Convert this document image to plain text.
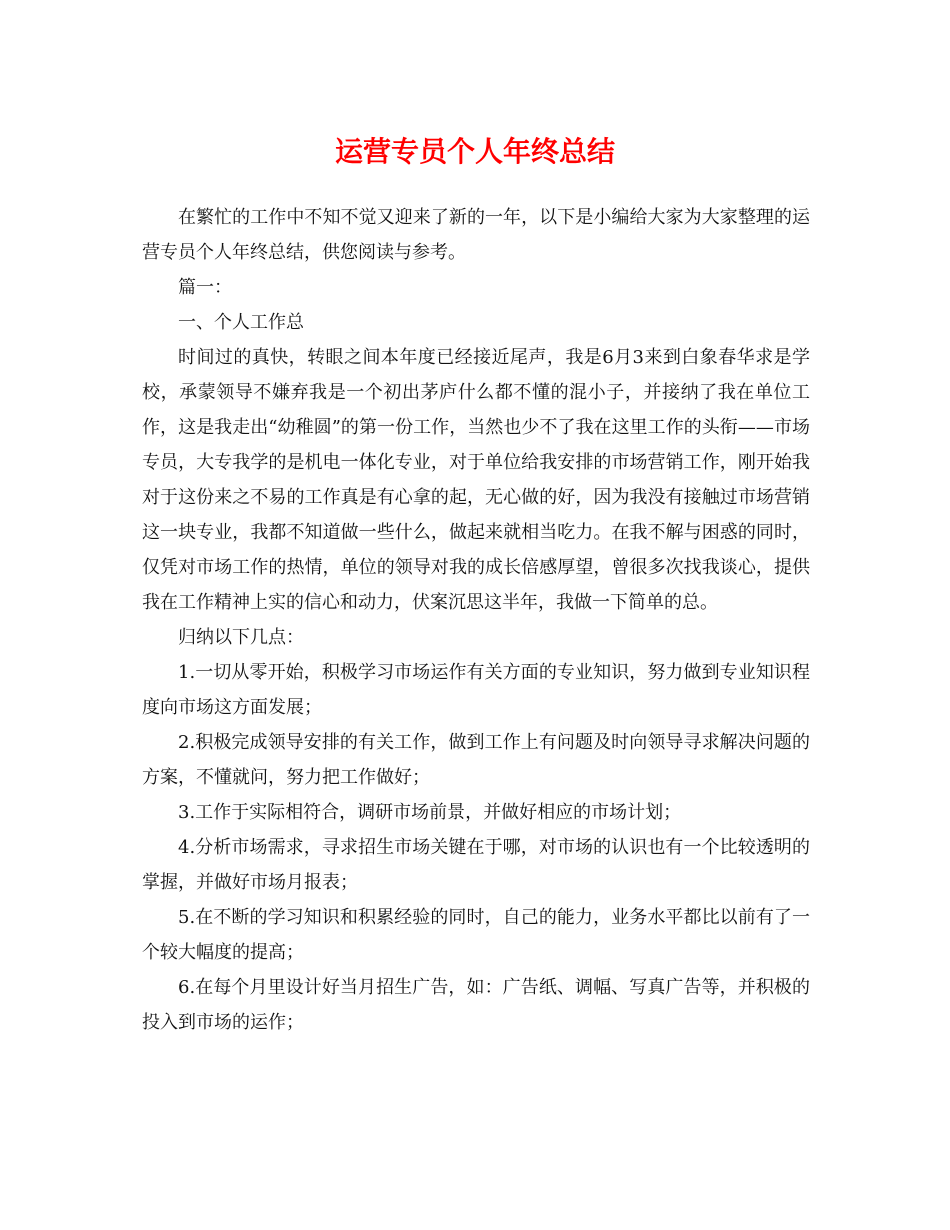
运营专员个人年终总结

在繁忙的工作中不知不觉又迎来了新的一年，以下是小编给大家为大家整理的运营专员个人年终总结，供您阅读与参考。

篇一：

一、个人工作总

时间过的真快，转眼之间本年度已经接近尾声，我是6月3来到白象春华求是学校，承蒙领导不嫌弃我是一个初出茅庐什么都不懂的混小子，并接纳了我在单位工作，这是我走出“幼稚圆”的第一份工作，当然也少不了我在这里工作的头衔——市场专员，大专我学的是机电一体化专业，对于单位给我安排的市场营销工作，刚开始我对于这份来之不易的工作真是有心拿的起，无心做的好，因为我没有接触过市场营销这一块专业，我都不知道做一些什么，做起来就相当吃力。在我不解与困惑的同时，仅凭对市场工作的热情，单位的领导对我的成长倍感厚望，曾很多次找我谈心，提供我在工作精神上实的信心和动力，伏案沉思这半年，我做一下简单的总。

归纳以下几点：

1.一切从零开始，积极学习市场运作有关方面的专业知识，努力做到专业知识程度向市场这方面发展；

2.积极完成领导安排的有关工作，做到工作上有问题及时向领导寻求解决问题的方案，不懂就问，努力把工作做好；

3.工作于实际相符合，调研市场前景，并做好相应的市场计划；

4.分析市场需求，寻求招生市场关键在于哪，对市场的认识也有一个比较透明的掌握，并做好市场月报表；

5.在不断的学习知识和积累经验的同时，自己的能力，业务水平都比以前有了一个较大幅度的提高；

6.在每个月里设计好当月招生广告，如：广告纸、调幅、写真广告等，并积极的投入到市场的运作；
